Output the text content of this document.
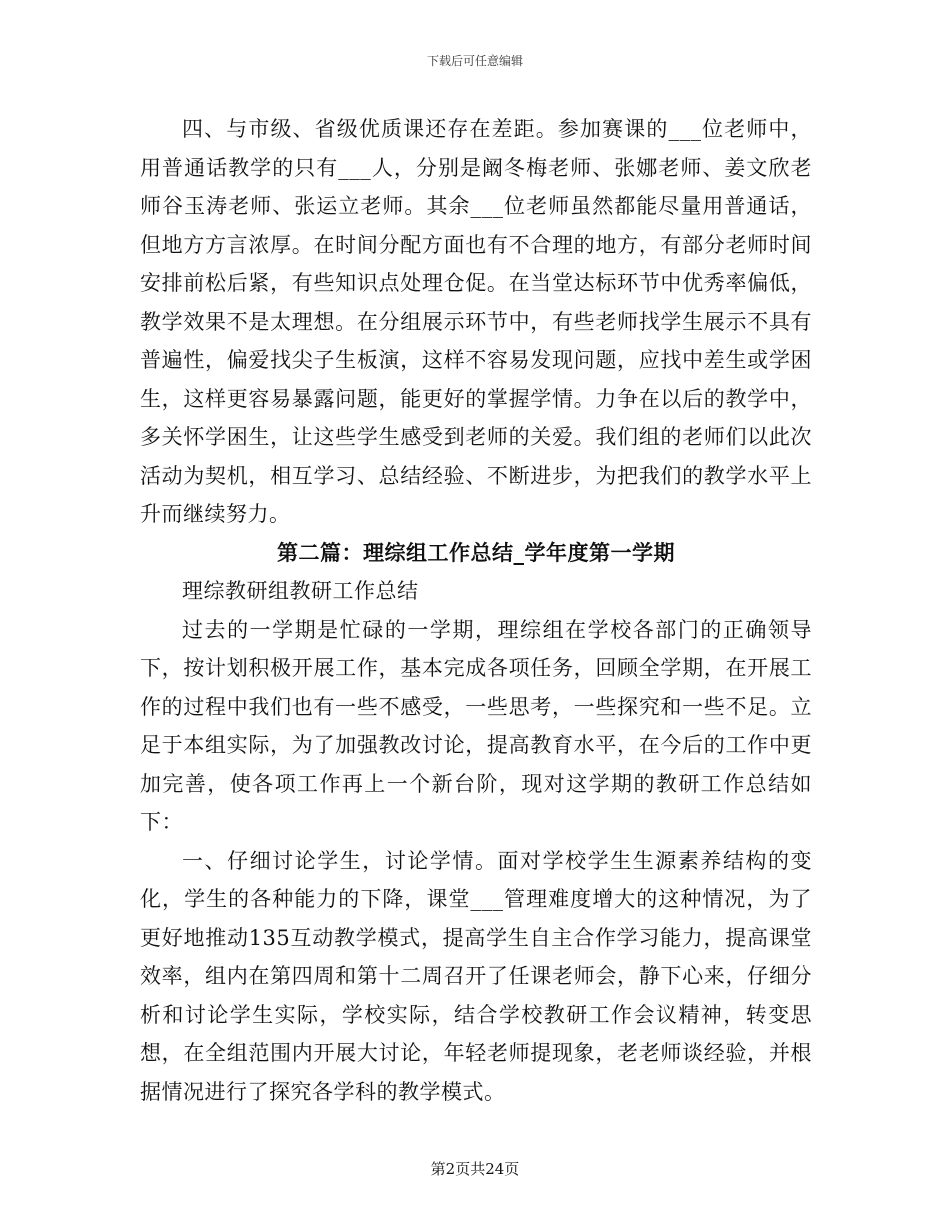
下载后可任意编辑

四、与市级、省级优质课还存在差距。参加赛课的___位老师中，用普通话教学的只有___人，分别是阚冬梅老师、张娜老师、姜文欣老师谷玉涛老师、张运立老师。其余___位老师虽然都能尽量用普通话，但地方方言浓厚。在时间分配方面也有不合理的地方，有部分老师时间安排前松后紧，有些知识点处理仓促。在当堂达标环节中优秀率偏低，教学效果不是太理想。在分组展示环节中，有些老师找学生展示不具有普遍性，偏爱找尖子生板演，这样不容易发现问题，应找中差生或学困生，这样更容易暴露问题，能更好的掌握学情。力争在以后的教学中，多关怀学困生，让这些学生感受到老师的关爱。我们组的老师们以此次活动为契机，相互学习、总结经验、不断进步，为把我们的教学水平上升而继续努力。

第二篇：理综组工作总结_学年度第一学期

理综教研组教研工作总结

过去的一学期是忙碌的一学期，理综组在学校各部门的正确领导下，按计划积极开展工作，基本完成各项任务，回顾全学期，在开展工作的过程中我们也有一些不感受，一些思考，一些探究和一些不足。立足于本组实际，为了加强教改讨论，提高教育水平，在今后的工作中更加完善，使各项工作再上一个新台阶，现对这学期的教研工作总结如下：

一、仔细讨论学生，讨论学情。面对学校学生生源素养结构的变化，学生的各种能力的下降，课堂___管理难度增大的这种情况，为了更好地推动135互动教学模式，提高学生自主合作学习能力，提高课堂效率，组内在第四周和第十二周召开了任课老师会，静下心来，仔细分析和讨论学生实际，学校实际，结合学校教研工作会议精神，转变思想，在全组范围内开展大讨论，年轻老师提现象，老老师谈经验，并根据情况进行了探究各学科的教学模式。

第2页共24页
